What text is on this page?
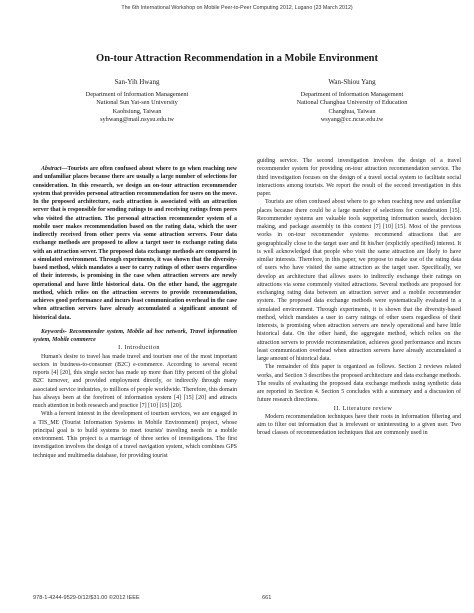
The 6th International Workshop on Mobile Peer-to-Peer Computing 2012, Lugano (23 March 2012)
On-tour Attraction Recommendation in a Mobile Environment
San-Yih Hwang
Department of Information Management
National Sun Yat-sen University
Kaohsiung, Taiwan
syhwang@mail.nsysu.edu.tw
Wan-Shiou Yang
Department of Information Management
National Changhua University of Education
Changhua, Taiwan
wsyang@cc.ncue.edu.tw

Abstract—Tourists are often confused about where to go when reaching new and unfamiliar places because there are usually a large number of selections for consideration. In this research, we design an on-tour attraction recommender system that provides personal attraction recommendation for users on the move. In the proposed architecture, each attraction is associated with an attraction server that is responsible for sending ratings to and receiving ratings from peers who visited the attraction. The personal attraction recommender system of a mobile user makes recommendation based on the rating data, which the user indirectly received from other peers via some attraction servers. Four data exchange methods are proposed to allow a target user to exchange rating data with an attraction server. The proposed data exchange methods are compared in a simulated environment. Through experiments, it was shown that the diversity-based method, which mandates a user to carry ratings of other users regardless of their interests, is promising in the case when attraction servers are newly operational and have little historical data. On the other hand, the aggregate method, which relies on the attraction servers to provide recommendation, achieves good performance and incurs least communication overhead in the case when attraction servers have already accumulated a significant amount of historical data.

Keywords- Recommender system, Mobile ad hoc network, Travel information system, Mobile commerce

I. Introduction

Human's desire to travel has made travel and tourism one of the most important sectors in business-to-consumer (B2C) e-commerce. According to several recent reports [4] [20], this single sector has made up more than fifty percent of the global B2C turnover, and provided employment directly, or indirectly through many associated service industries, to millions of people worldwide. Therefore, this domain has always been at the forefront of information system [4] [15] [20] and attracts much attention in both research and practice [7] [10] [15] [20].

With a fervent interest in the development of tourism services, we are engaged in a TIS_ME (Tourist Information Systems in Mobile Environment) project, whose principal goal is to build systems to meet tourists' traveling needs in a mobile environment. This project is a marriage of three series of investigations. The first investigation involves the design of a travel navigation system, which combines GPS technique and multimedia database, for providing tourist

guiding service. The second investigation involves the design of a travel recommender system for providing on-tour attraction recommendation service. The third investigation focuses on the design of a travel social system to facilitate social interactions among tourists. We report the result of the second investigation in this paper.

Tourists are often confused about where to go when reaching new and unfamiliar places because there could be a large number of selections for consideration [15]. Recommender systems are valuable tools supporting information search, decision making, and package assembly in this context [7] [10] [15]. Most of the previous works in on-tour recommender systems recommend attractions that are geographically close to the target user and fit his/her (explicitly specified) interest. It is well acknowledged that people who visit the same attraction are likely to have similar interests. Therefore, in this paper, we propose to make use of the rating data of users who have visited the same attraction as the target user. Specifically, we develop an architecture that allows users to indirectly exchange their ratings on attractions via some commonly visited attractions. Several methods are proposed for exchanging rating data between an attraction server and a mobile recommender system. The proposed data exchange methods were systematically evaluated in a simulated environment. Through experiments, it is shown that the diversity-based method, which mandates a user to carry ratings of other users regardless of their interests, is promising when attraction servers are newly operational and have little historical data. On the other hand, the aggregate method, which relies on the attraction servers to provide recommendation, achieves good performance and incurs least communication overhead when attraction servers have already accumulated a large amount of historical data.

The remainder of this paper is organized as follows. Section 2 reviews related works, and Section 3 describes the proposed architecture and data exchange methods. The results of evaluating the proposed data exchange methods using synthetic data are reported in Section 4. Section 5 concludes with a summary and a discussion of future research directions.

II. Literature review

Modern recommendation techniques have their roots in information filtering and aim to filter out information that is irrelevant or uninteresting to a given user. Two broad classes of recommendation techniques that are commonly used in

978-1-4244-9529-0/12/$31.00 ©2012 IEEE	661
